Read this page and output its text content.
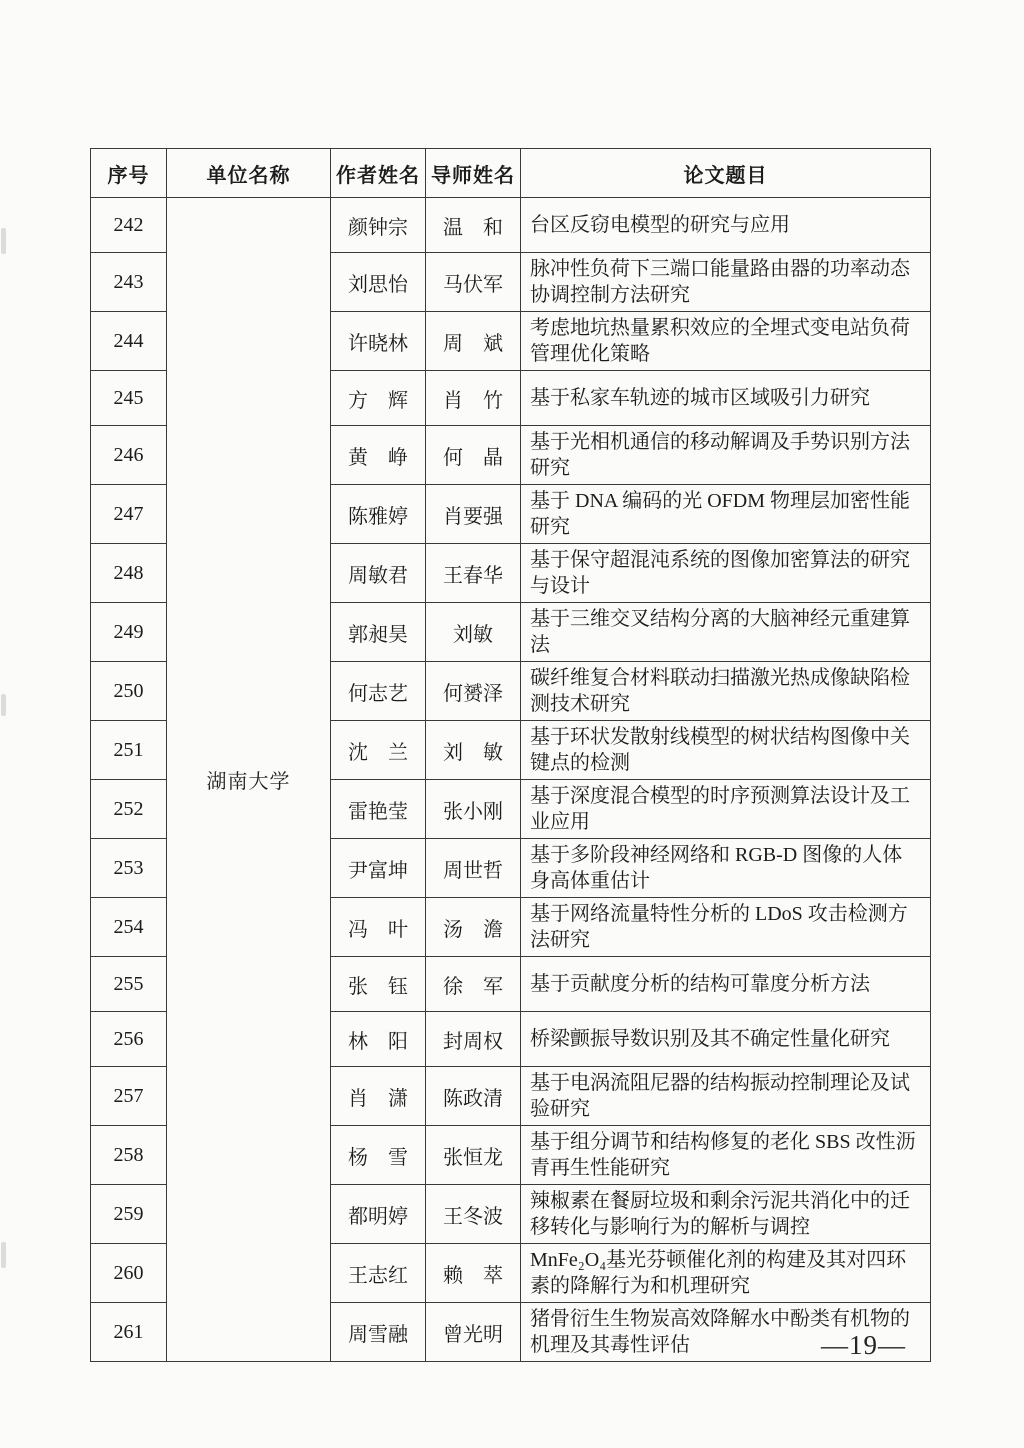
序号	单位名称	作者姓名	导师姓名	论文题目
242	湖南大学	颜钟宗	温　和	台区反窃电模型的研究与应用
243		刘思怡	马伏军	脉冲性负荷下三端口能量路由器的功率动态协调控制方法研究
244		许晓林	周　斌	考虑地坑热量累积效应的全埋式变电站负荷管理优化策略
245		方　辉	肖　竹	基于私家车轨迹的城市区域吸引力研究
246		黄　峥	何　晶	基于光相机通信的移动解调及手势识别方法研究
247		陈雅婷	肖要强	基于 DNA 编码的光 OFDM 物理层加密性能研究
248		周敏君	王春华	基于保守超混沌系统的图像加密算法的研究与设计
249		郭昶昊	刘敏	基于三维交叉结构分离的大脑神经元重建算法
250		何志艺	何赟泽	碳纤维复合材料联动扫描激光热成像缺陷检测技术研究
251		沈　兰	刘　敏	基于环状发散射线模型的树状结构图像中关键点的检测
252		雷艳莹	张小刚	基于深度混合模型的时序预测算法设计及工业应用
253		尹富坤	周世哲	基于多阶段神经网络和 RGB-D 图像的人体身高体重估计
254		冯　叶	汤　澹	基于网络流量特性分析的 LDoS 攻击检测方法研究
255		张　钰	徐　军	基于贡献度分析的结构可靠度分析方法
256		林　阳	封周权	桥梁颤振导数识别及其不确定性量化研究
257		肖　潇	陈政清	基于电涡流阻尼器的结构振动控制理论及试验研究
258		杨　雪	张恒龙	基于组分调节和结构修复的老化 SBS 改性沥青再生性能研究
259		都明婷	王冬波	辣椒素在餐厨垃圾和剩余污泥共消化中的迁移转化与影响行为的解析与调控
260		王志红	赖　萃	MnFe₂O₄基光芬顿催化剂的构建及其对四环素的降解行为和机理研究
261		周雪融	曾光明	猪骨衍生生物炭高效降解水中酚类有机物的机理及其毒性评估	—19—
